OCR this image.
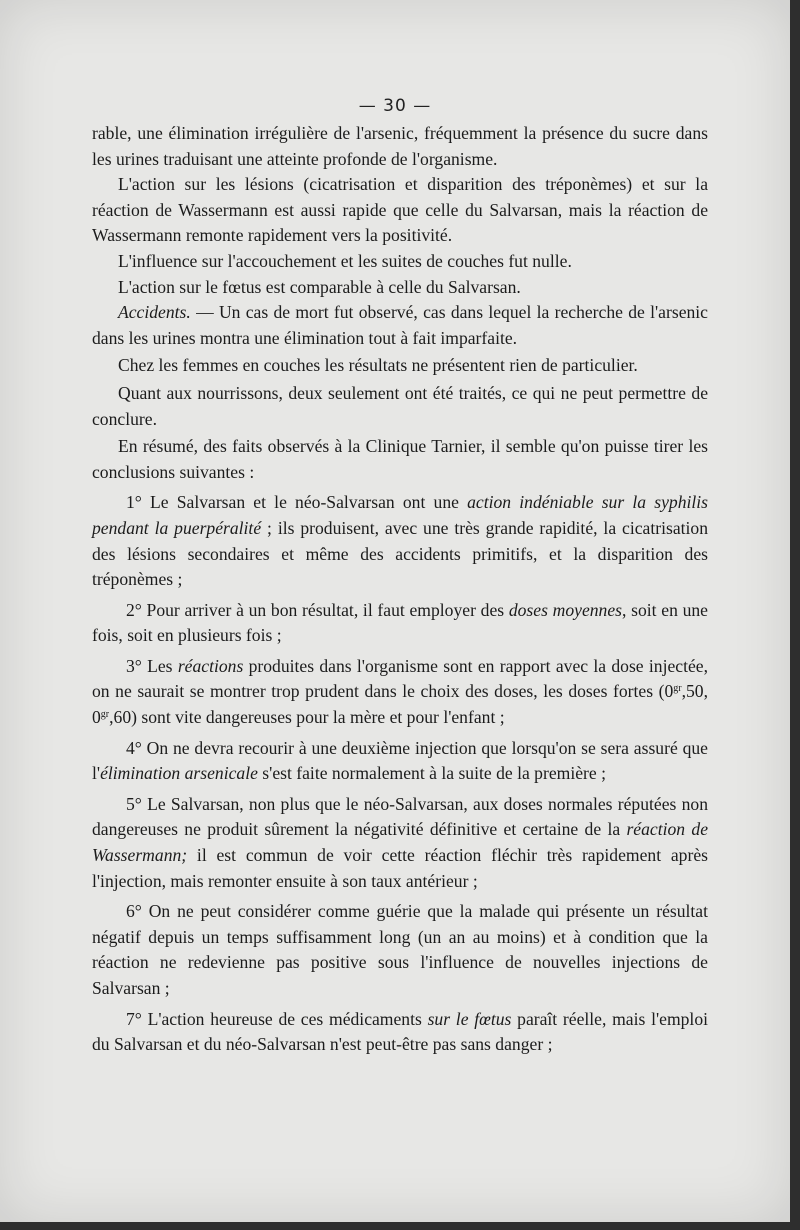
— 30 —

rable, une élimination irrégulière de l'arsenic, fréquemment la présence du sucre dans les urines traduisant une atteinte profonde de l'organisme.

L'action sur les lésions (cicatrisation et disparition des tréponèmes) et sur la réaction de Wassermann est aussi rapide que celle du Salvarsan, mais la réaction de Wassermann remonte rapidement vers la positivité.

L'influence sur l'accouchement et les suites de couches fut nulle.

L'action sur le fœtus est comparable à celle du Salvarsan.

Accidents. — Un cas de mort fut observé, cas dans lequel la recherche de l'arsenic dans les urines montra une élimination tout à fait imparfaite.

Chez les femmes en couches les résultats ne présentent rien de particulier.

Quant aux nourrissons, deux seulement ont été traités, ce qui ne peut permettre de conclure.

En résumé, des faits observés à la Clinique Tarnier, il semble qu'on puisse tirer les conclusions suivantes :

1° Le Salvarsan et le néo-Salvarsan ont une action indéniable sur la syphilis pendant la puerpéralité ; ils produisent, avec une très grande rapidité, la cicatrisation des lésions secondaires et même des accidents primitifs, et la disparition des tréponèmes ;

2° Pour arriver à un bon résultat, il faut employer des doses moyennes, soit en une fois, soit en plusieurs fois ;

3° Les réactions produites dans l'organisme sont en rapport avec la dose injectée, on ne saurait se montrer trop prudent dans le choix des doses, les doses fortes ($0^{gr},50$, $0^{gr},60$) sont vite dangereuses pour la mère et pour l'enfant ;

4° On ne devra recourir à une deuxième injection que lorsqu'on se sera assuré que l'élimination arsenicale s'est faite normalement à la suite de la première ;

5° Le Salvarsan, non plus que le néo-Salvarsan, aux doses normales réputées non dangereuses ne produit sûrement la négativité définitive et certaine de la réaction de Wassermann; il est commun de voir cette réaction fléchir très rapidement après l'injection, mais remonter ensuite à son taux antérieur ;

6° On ne peut considérer comme guérie que la malade qui présente un résultat négatif depuis un temps suffisamment long (un an au moins) et à condition que la réaction ne redevienne pas positive sous l'influence de nouvelles injections de Salvarsan ;

7° L'action heureuse de ces médicaments sur le fœtus paraît réelle, mais l'emploi du Salvarsan et du néo-Salvarsan n'est peut-être pas sans danger ;
